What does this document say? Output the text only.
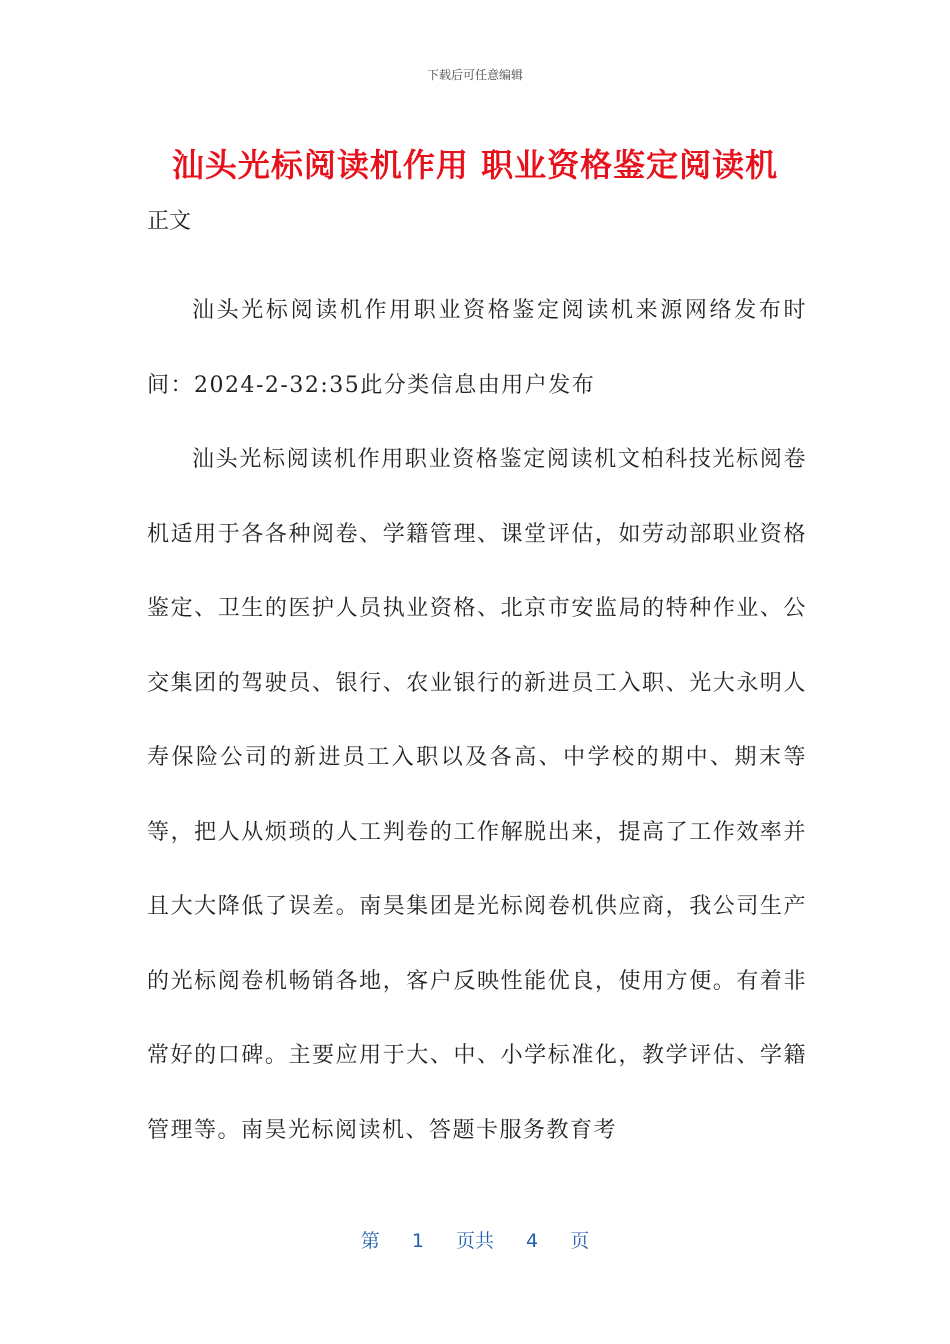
下载后可任意编辑
汕头光标阅读机作用 职业资格鉴定阅读机

正文

汕头光标阅读机作用职业资格鉴定阅读机来源网络发布时间：2024-2-32:35此分类信息由用户发布

汕头光标阅读机作用职业资格鉴定阅读机文柏科技光标阅卷机适用于各各种阅卷、学籍管理、课堂评估，如劳动部职业资格鉴定、卫生的医护人员执业资格、北京市安监局的特种作业、公交集团的驾驶员、银行、农业银行的新进员工入职、光大永明人寿保险公司的新进员工入职以及各高、中学校的期中、期末等等，把人从烦琐的人工判卷的工作解脱出来，提高了工作效率并且大大降低了误差。南昊集团是光标阅卷机供应商，我公司生产的光标阅卷机畅销各地，客户反映性能优良，使用方便。有着非常好的口碑。主要应用于大、中、小学标准化，教学评估、学籍管理等。南昊光标阅读机、答题卡服务教育考

第 1 页共 4 页
